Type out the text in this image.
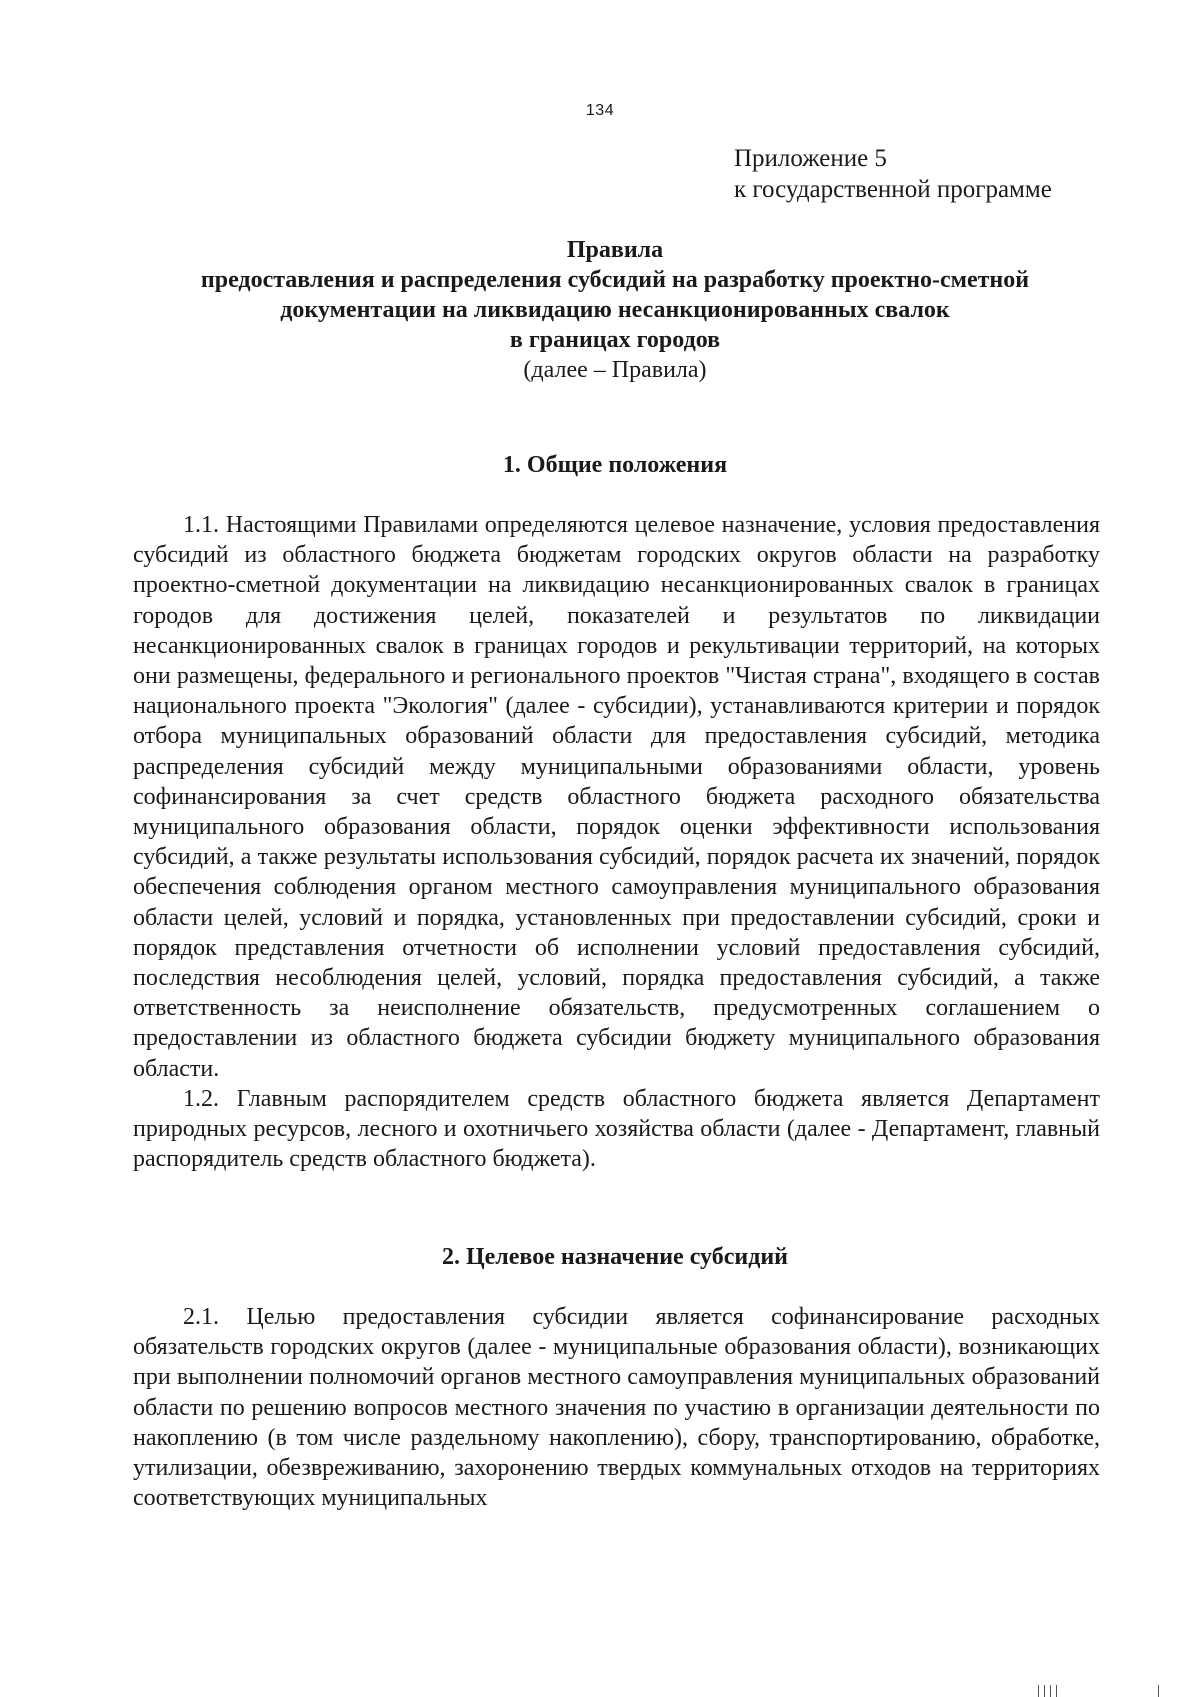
134
Приложение 5
к государственной программе
Правила
предоставления и распределения субсидий на разработку проектно-сметной
документации на ликвидацию несанкционированных свалок
в границах городов
(далее – Правила)
1. Общие положения

1.1. Настоящими Правилами определяются целевое назначение, условия предоставления субсидий из областного бюджета бюджетам городских округов области на разработку проектно-сметной документации на ликвидацию несанкционированных свалок в границах городов для достижения целей, показателей и результатов по ликвидации несанкционированных свалок в границах городов и рекультивации территорий, на которых они размещены, федерального и регионального проектов "Чистая страна", входящего в состав национального проекта "Экология" (далее - субсидии), устанавливаются критерии и порядок отбора муниципальных образований области для предоставления субсидий, методика распределения субсидий между муниципальными образованиями области, уровень софинансирования за счет средств областного бюджета расходного обязательства муниципального образования области, порядок оценки эффективности использования субсидий, а также результаты использования субсидий, порядок расчета их значений, порядок обеспечения соблюдения органом местного самоуправления муниципального образования области целей, условий и порядка, установленных при предоставлении субсидий, сроки и порядок представления отчетности об исполнении условий предоставления субсидий, последствия несоблюдения целей, условий, порядка предоставления субсидий, а также ответственность за неисполнение обязательств, предусмотренных соглашением о предоставлении из областного бюджета субсидии бюджету муниципального образования области.

1.2. Главным распорядителем средств областного бюджета является Департамент природных ресурсов, лесного и охотничьего хозяйства области (далее - Департамент, главный распорядитель средств областного бюджета).

2. Целевое назначение субсидий

2.1. Целью предоставления субсидии является софинансирование расходных обязательств городских округов (далее - муниципальные образования области), возникающих при выполнении полномочий органов местного самоуправления муниципальных образований области по решению вопросов местного значения по участию в организации деятельности по накоплению (в том числе раздельному накоплению), сбору, транспортированию, обработке, утилизации, обезвреживанию, захоронению твердых коммунальных отходов на территориях соответствующих муниципальных
